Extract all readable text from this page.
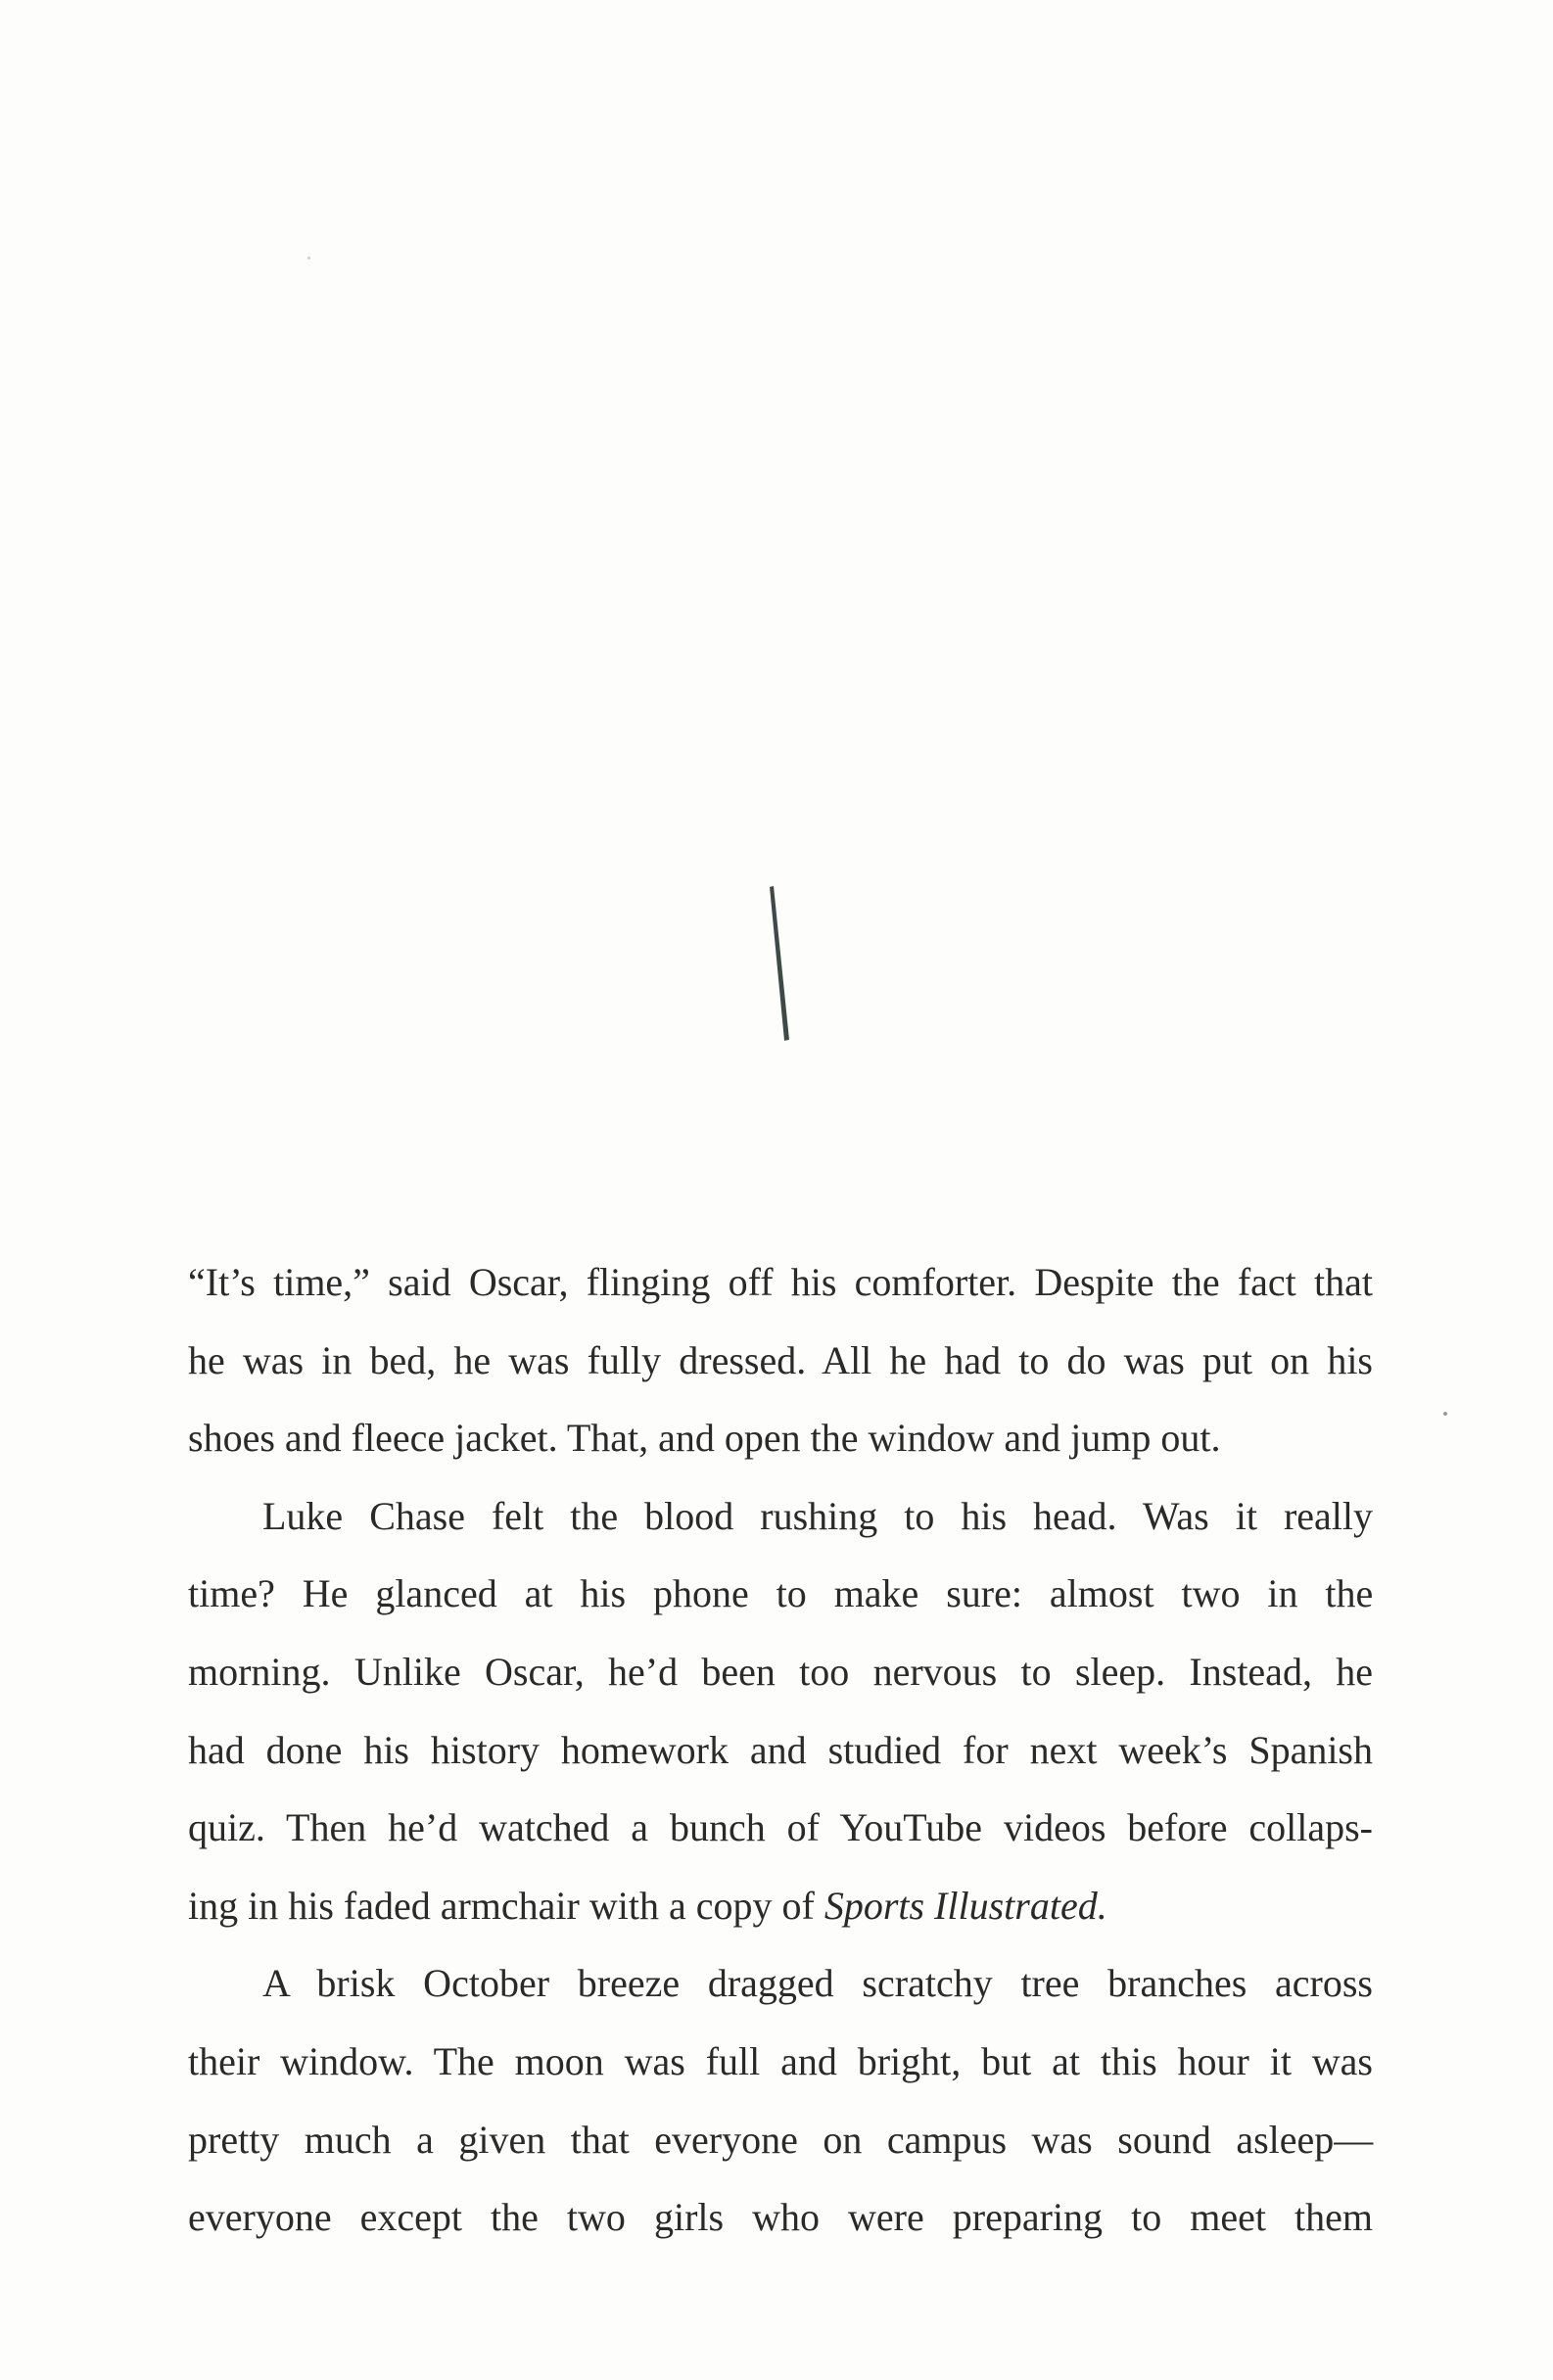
“It’s time,” said Oscar, flinging off his comforter. Despite the fact that
he was in bed, he was fully dressed. All he had to do was put on his
shoes and fleece jacket. That, and open the window and jump out.

Luke Chase felt the blood rushing to his head. Was it really
time? He glanced at his phone to make sure: almost two in the
morning. Unlike Oscar, he’d been too nervous to sleep. Instead, he
had done his history homework and studied for next week’s Spanish
quiz. Then he’d watched a bunch of YouTube videos before collaps-
ing in his faded armchair with a copy of Sports Illustrated.

A brisk October breeze dragged scratchy tree branches across
their window. The moon was full and bright, but at this hour it was
pretty much a given that everyone on campus was sound asleep—
everyone except the two girls who were preparing to meet them
